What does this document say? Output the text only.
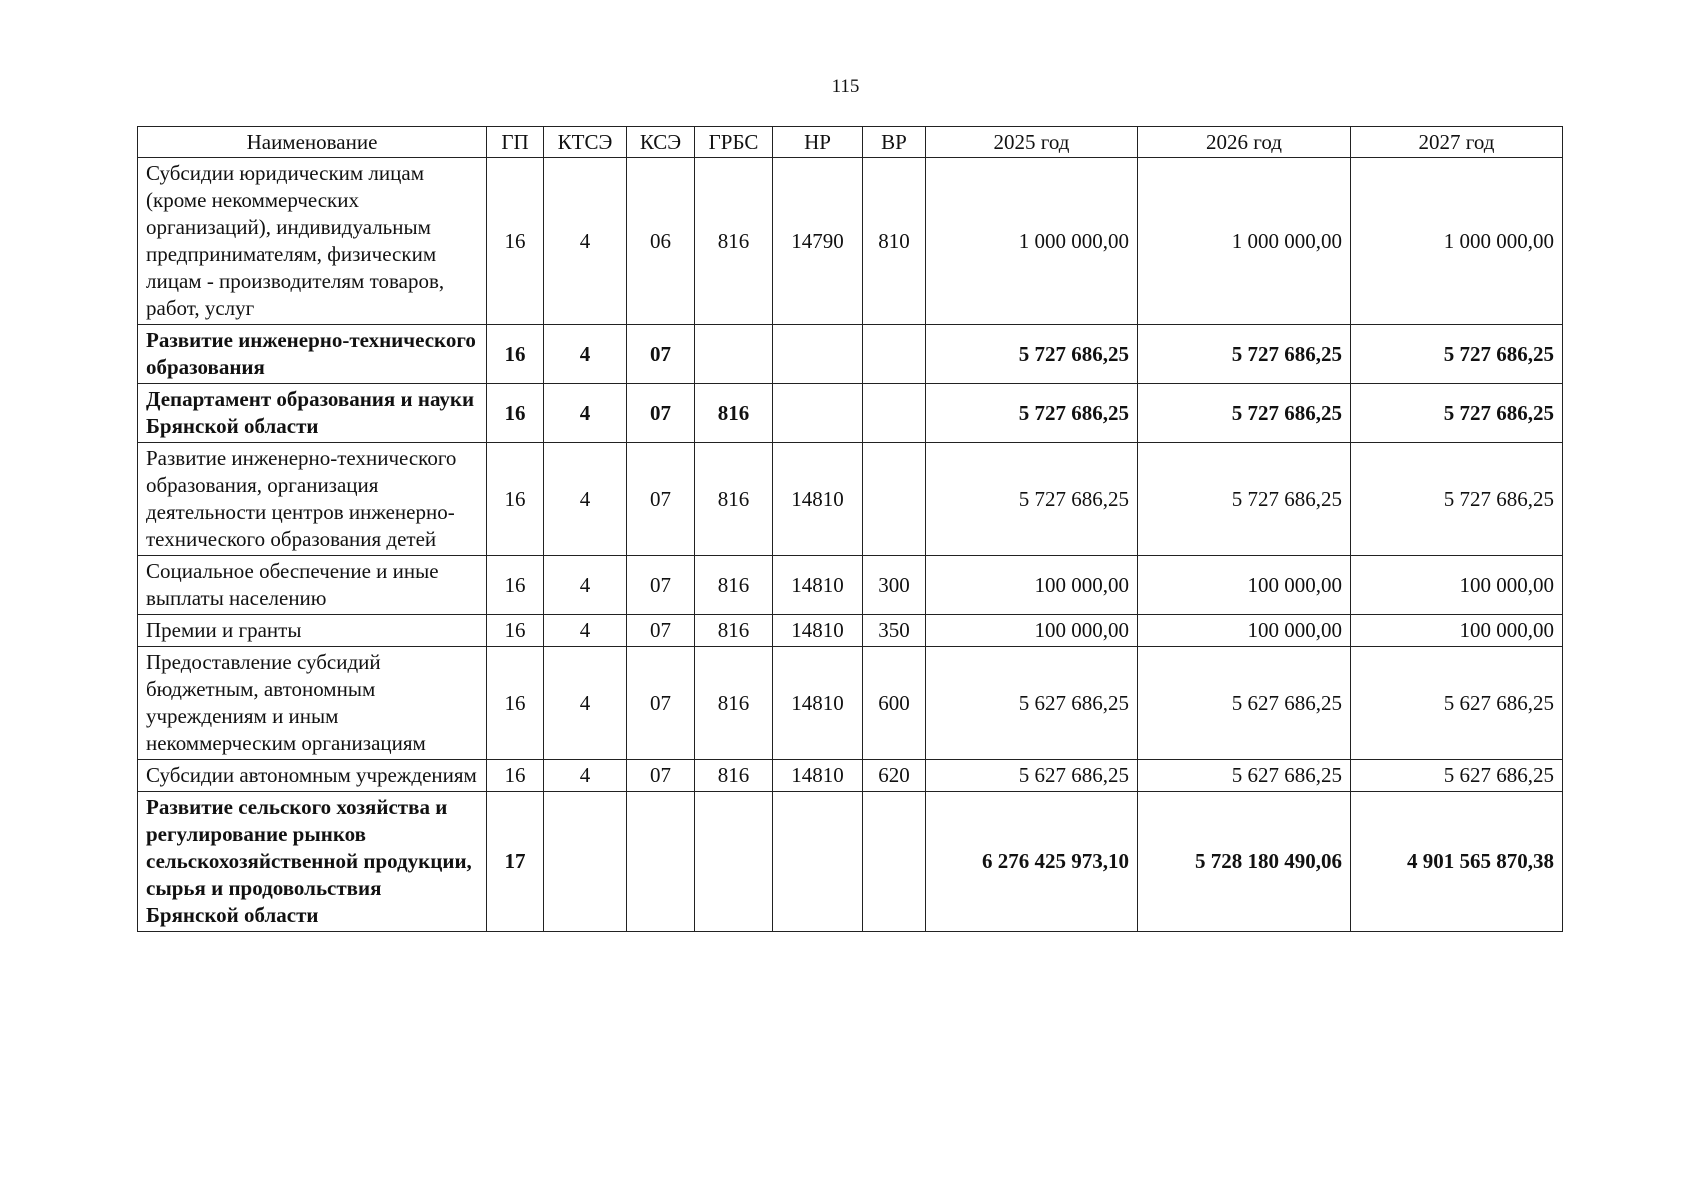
115
Наименование	ГП	КТСЭ	КСЭ	ГРБС	НР	ВР	2025 год	2026 год	2027 год
Субсидии юридическим лицам (кроме некоммерческих организаций), индивидуальным предпринимателям, физическим лицам - производителям товаров, работ, услуг	16	4	06	816	14790	810	1 000 000,00	1 000 000,00	1 000 000,00
Развитие инженерно-технического образования	16	4	07				5 727 686,25	5 727 686,25	5 727 686,25
Департамент образования и науки Брянской области	16	4	07	816			5 727 686,25	5 727 686,25	5 727 686,25
Развитие инженерно-технического образования, организация деятельности центров инженерно-технического образования детей	16	4	07	816	14810		5 727 686,25	5 727 686,25	5 727 686,25
Социальное обеспечение и иные выплаты населению	16	4	07	816	14810	300	100 000,00	100 000,00	100 000,00
Премии и гранты	16	4	07	816	14810	350	100 000,00	100 000,00	100 000,00
Предоставление субсидий бюджетным, автономным учреждениям и иным некоммерческим организациям	16	4	07	816	14810	600	5 627 686,25	5 627 686,25	5 627 686,25
Субсидии автономным учреждениям	16	4	07	816	14810	620	5 627 686,25	5 627 686,25	5 627 686,25
Развитие сельского хозяйства и регулирование рынков сельскохозяйственной продукции, сырья и продовольствия Брянской области	17						6 276 425 973,10	5 728 180 490,06	4 901 565 870,38
